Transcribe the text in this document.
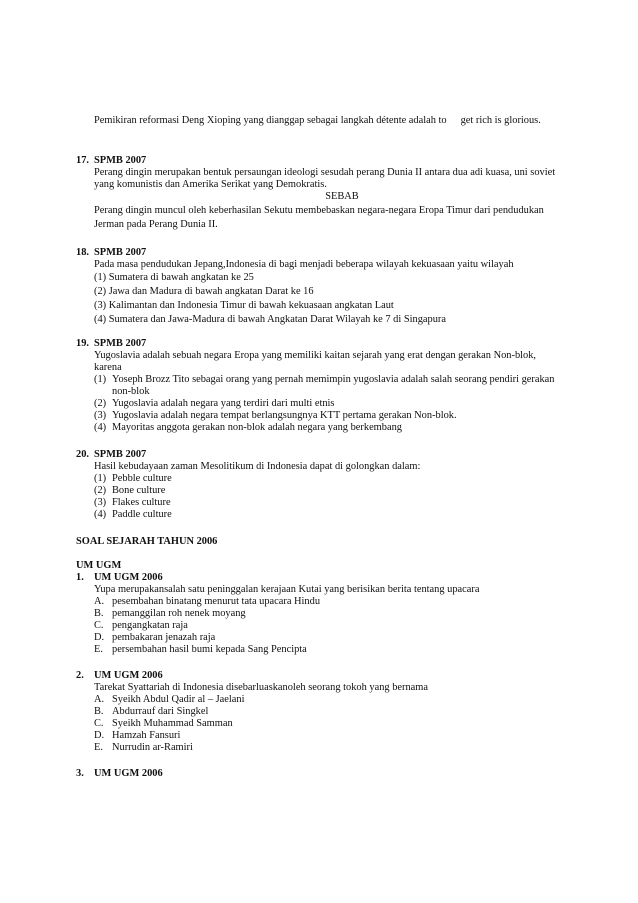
Pemikiran reformasi Deng Xioping yang dianggap sebagai langkah détente adalah to get rich is glorious.
17. SPMB 2007
Perang dingin merupakan bentuk persaungan ideologi sesudah perang Dunia II antara dua adi kuasa, uni soviet
yang komunistis dan Amerika Serikat yang Demokratis.
SEBAB
Perang dingin muncul oleh keberhasilan Sekutu membebaskan negara-negara Eropa Timur dari pendudukan
Jerman pada Perang Dunia II.
18. SPMB 2007
Pada masa pendudukan Jepang,Indonesia di bagi menjadi beberapa wilayah kekuasaan yaitu wilayah
(1) Sumatera di bawah angkatan ke 25
(2) Jawa dan Madura di bawah angkatan Darat ke 16
(3) Kalimantan dan Indonesia Timur di bawah kekuasaan angkatan Laut
(4) Sumatera dan Jawa-Madura di bawah Angkatan Darat Wilayah ke 7 di Singapura
19. SPMB 2007
Yugoslavia adalah sebuah negara Eropa yang memiliki kaitan sejarah yang erat dengan gerakan Non-blok,
karena
(1) Yoseph Brozz Tito sebagai orang yang pernah memimpin yugoslavia adalah salah seorang pendiri gerakan
non-blok
(2) Yugoslavia adalah negara yang terdiri dari multi etnis
(3) Yugoslavia adalah negara tempat berlangsungnya KTT pertama gerakan Non-blok.
(4) Mayoritas anggota gerakan non-blok adalah negara yang berkembang
20. SPMB 2007
Hasil kebudayaan zaman Mesolitikum di Indonesia dapat di golongkan dalam:
(1) Pebble culture
(2) Bone culture
(3) Flakes culture
(4) Paddle culture
SOAL SEJARAH TAHUN 2006
UM UGM
1. UM UGM 2006
Yupa merupakansalah satu peninggalan kerajaan Kutai yang berisikan berita tentang upacara
A. pesembahan binatang menurut tata upacara Hindu
B. pemanggilan roh nenek moyang
C. pengangkatan raja
D. pembakaran jenazah raja
E. persembahan hasil bumi kepada Sang Pencipta
2. UM UGM 2006
Tarekat Syattariah di Indonesia disebarluaskanoleh seorang tokoh yang bernama
A. Syeikh Abdul Qadir al – Jaelani
B. Abdurrauf dari Singkel
C. Syeikh Muhammad Samman
D. Hamzah Fansuri
E. Nurrudin ar-Ramiri
3. UM UGM 2006
